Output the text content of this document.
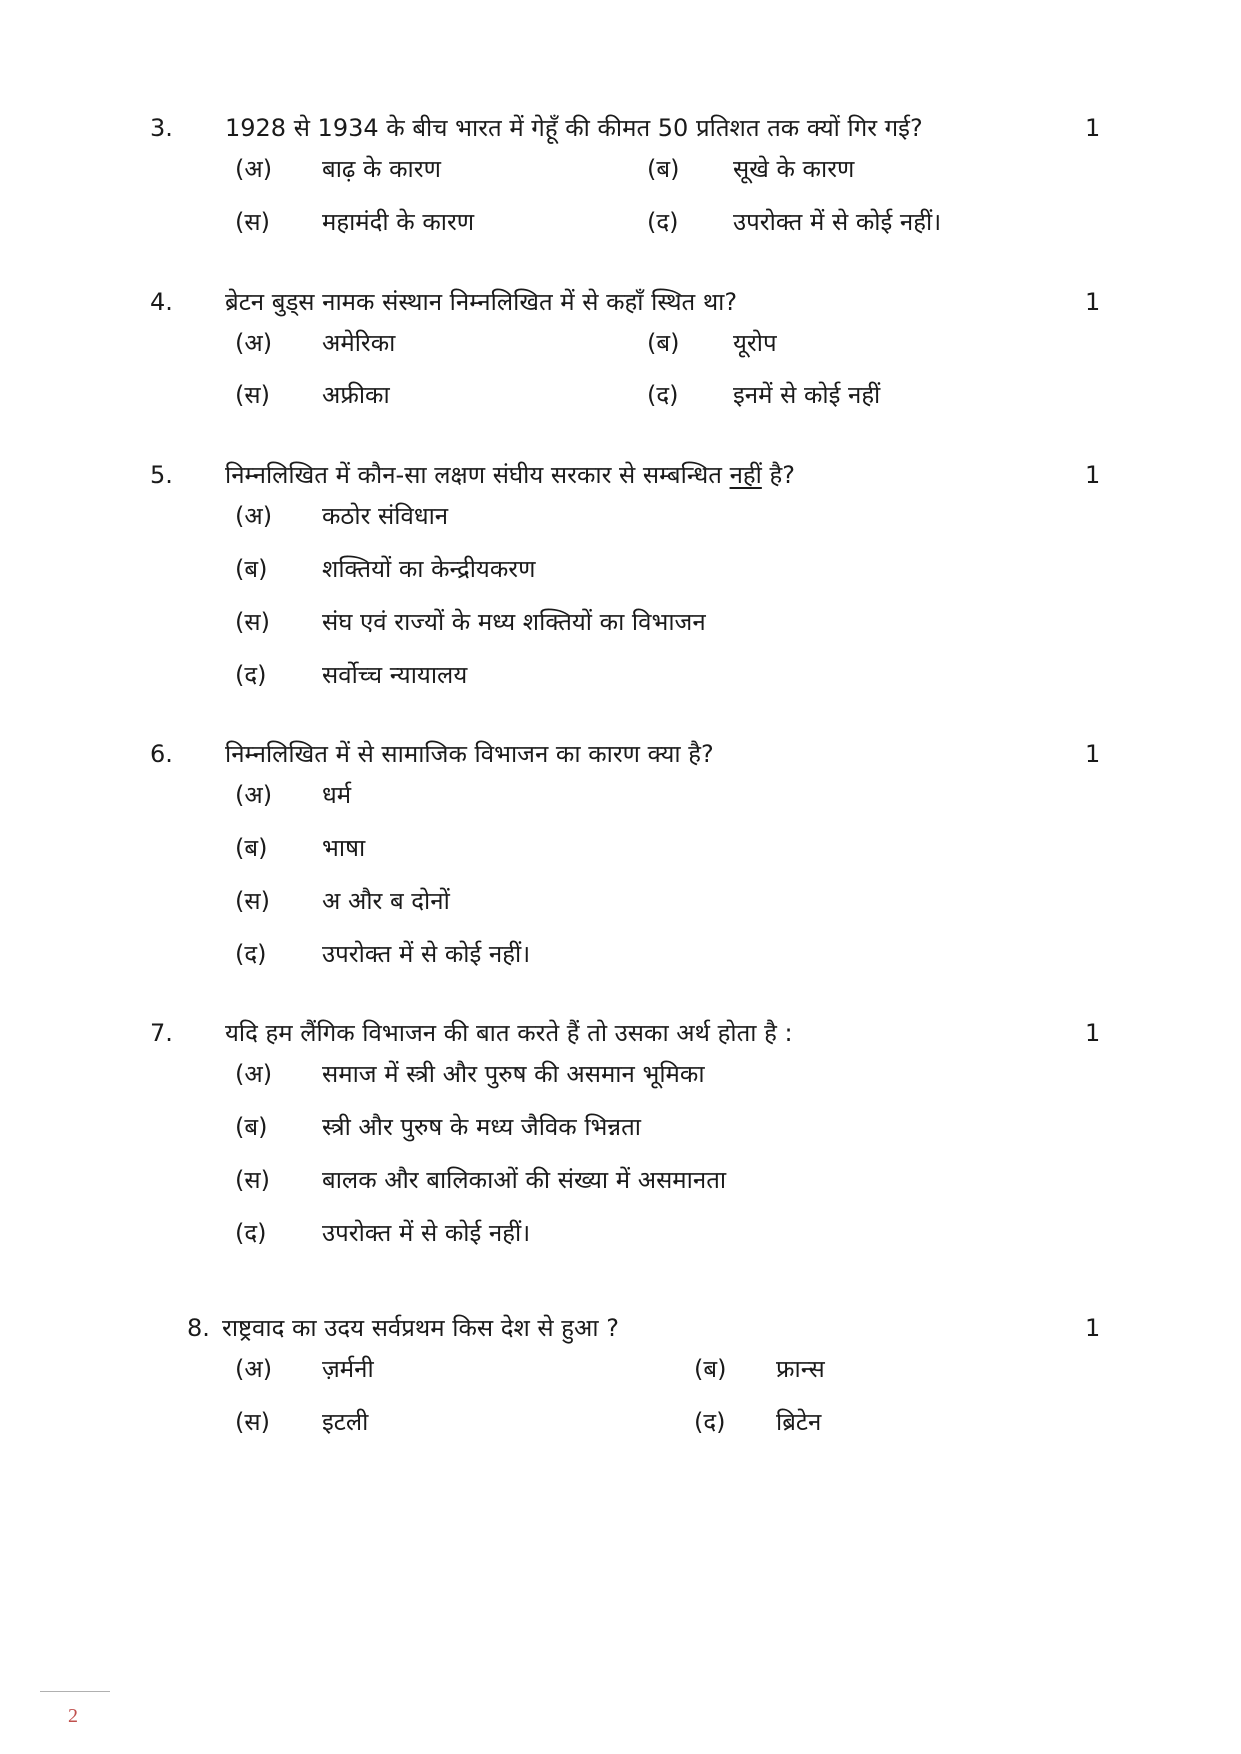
3. 1928 से 1934 के बीच भारत में गेहूँ की कीमत 50 प्रतिशत तक क्यों गिर गई?	1
(अ) बाढ़ के कारण	(ब) सूखे के कारण
(स) महामंदी के कारण	(द) उपरोक्त में से कोई नहीं।
4. ब्रेटन बुड्स नामक संस्थान निम्नलिखित में से कहाँ स्थित था?	1
(अ) अमेरिका	(ब) यूरोप
(स) अफ्रीका	(द) इनमें से कोई नहीं
5. निम्नलिखित में कौन-सा लक्षण संघीय सरकार से सम्बन्धित नहीं है?	1
(अ) कठोर संविधान
(ब) शक्तियों का केन्द्रीयकरण
(स) संघ एवं राज्यों के मध्य शक्तियों का विभाजन
(द) सर्वोच्च न्यायालय
6. निम्नलिखित में से सामाजिक विभाजन का कारण क्या है?	1
(अ) धर्म
(ब) भाषा
(स) अ और ब दोनों
(द) उपरोक्त में से कोई नहीं।
7. यदि हम लैंगिक विभाजन की बात करते हैं तो उसका अर्थ होता है :	1
(अ) समाज में स्त्री और पुरुष की असमान भूमिका
(ब) स्त्री और पुरुष के मध्य जैविक भिन्नता
(स) बालक और बालिकाओं की संख्या में असमानता
(द) उपरोक्त में से कोई नहीं।
8. राष्ट्रवाद का उदय सर्वप्रथम किस देश से हुआ ?	1
(अ) ज़र्मनी	(ब) फ्रान्स
(स) इटली	(द) ब्रिटेन
2
